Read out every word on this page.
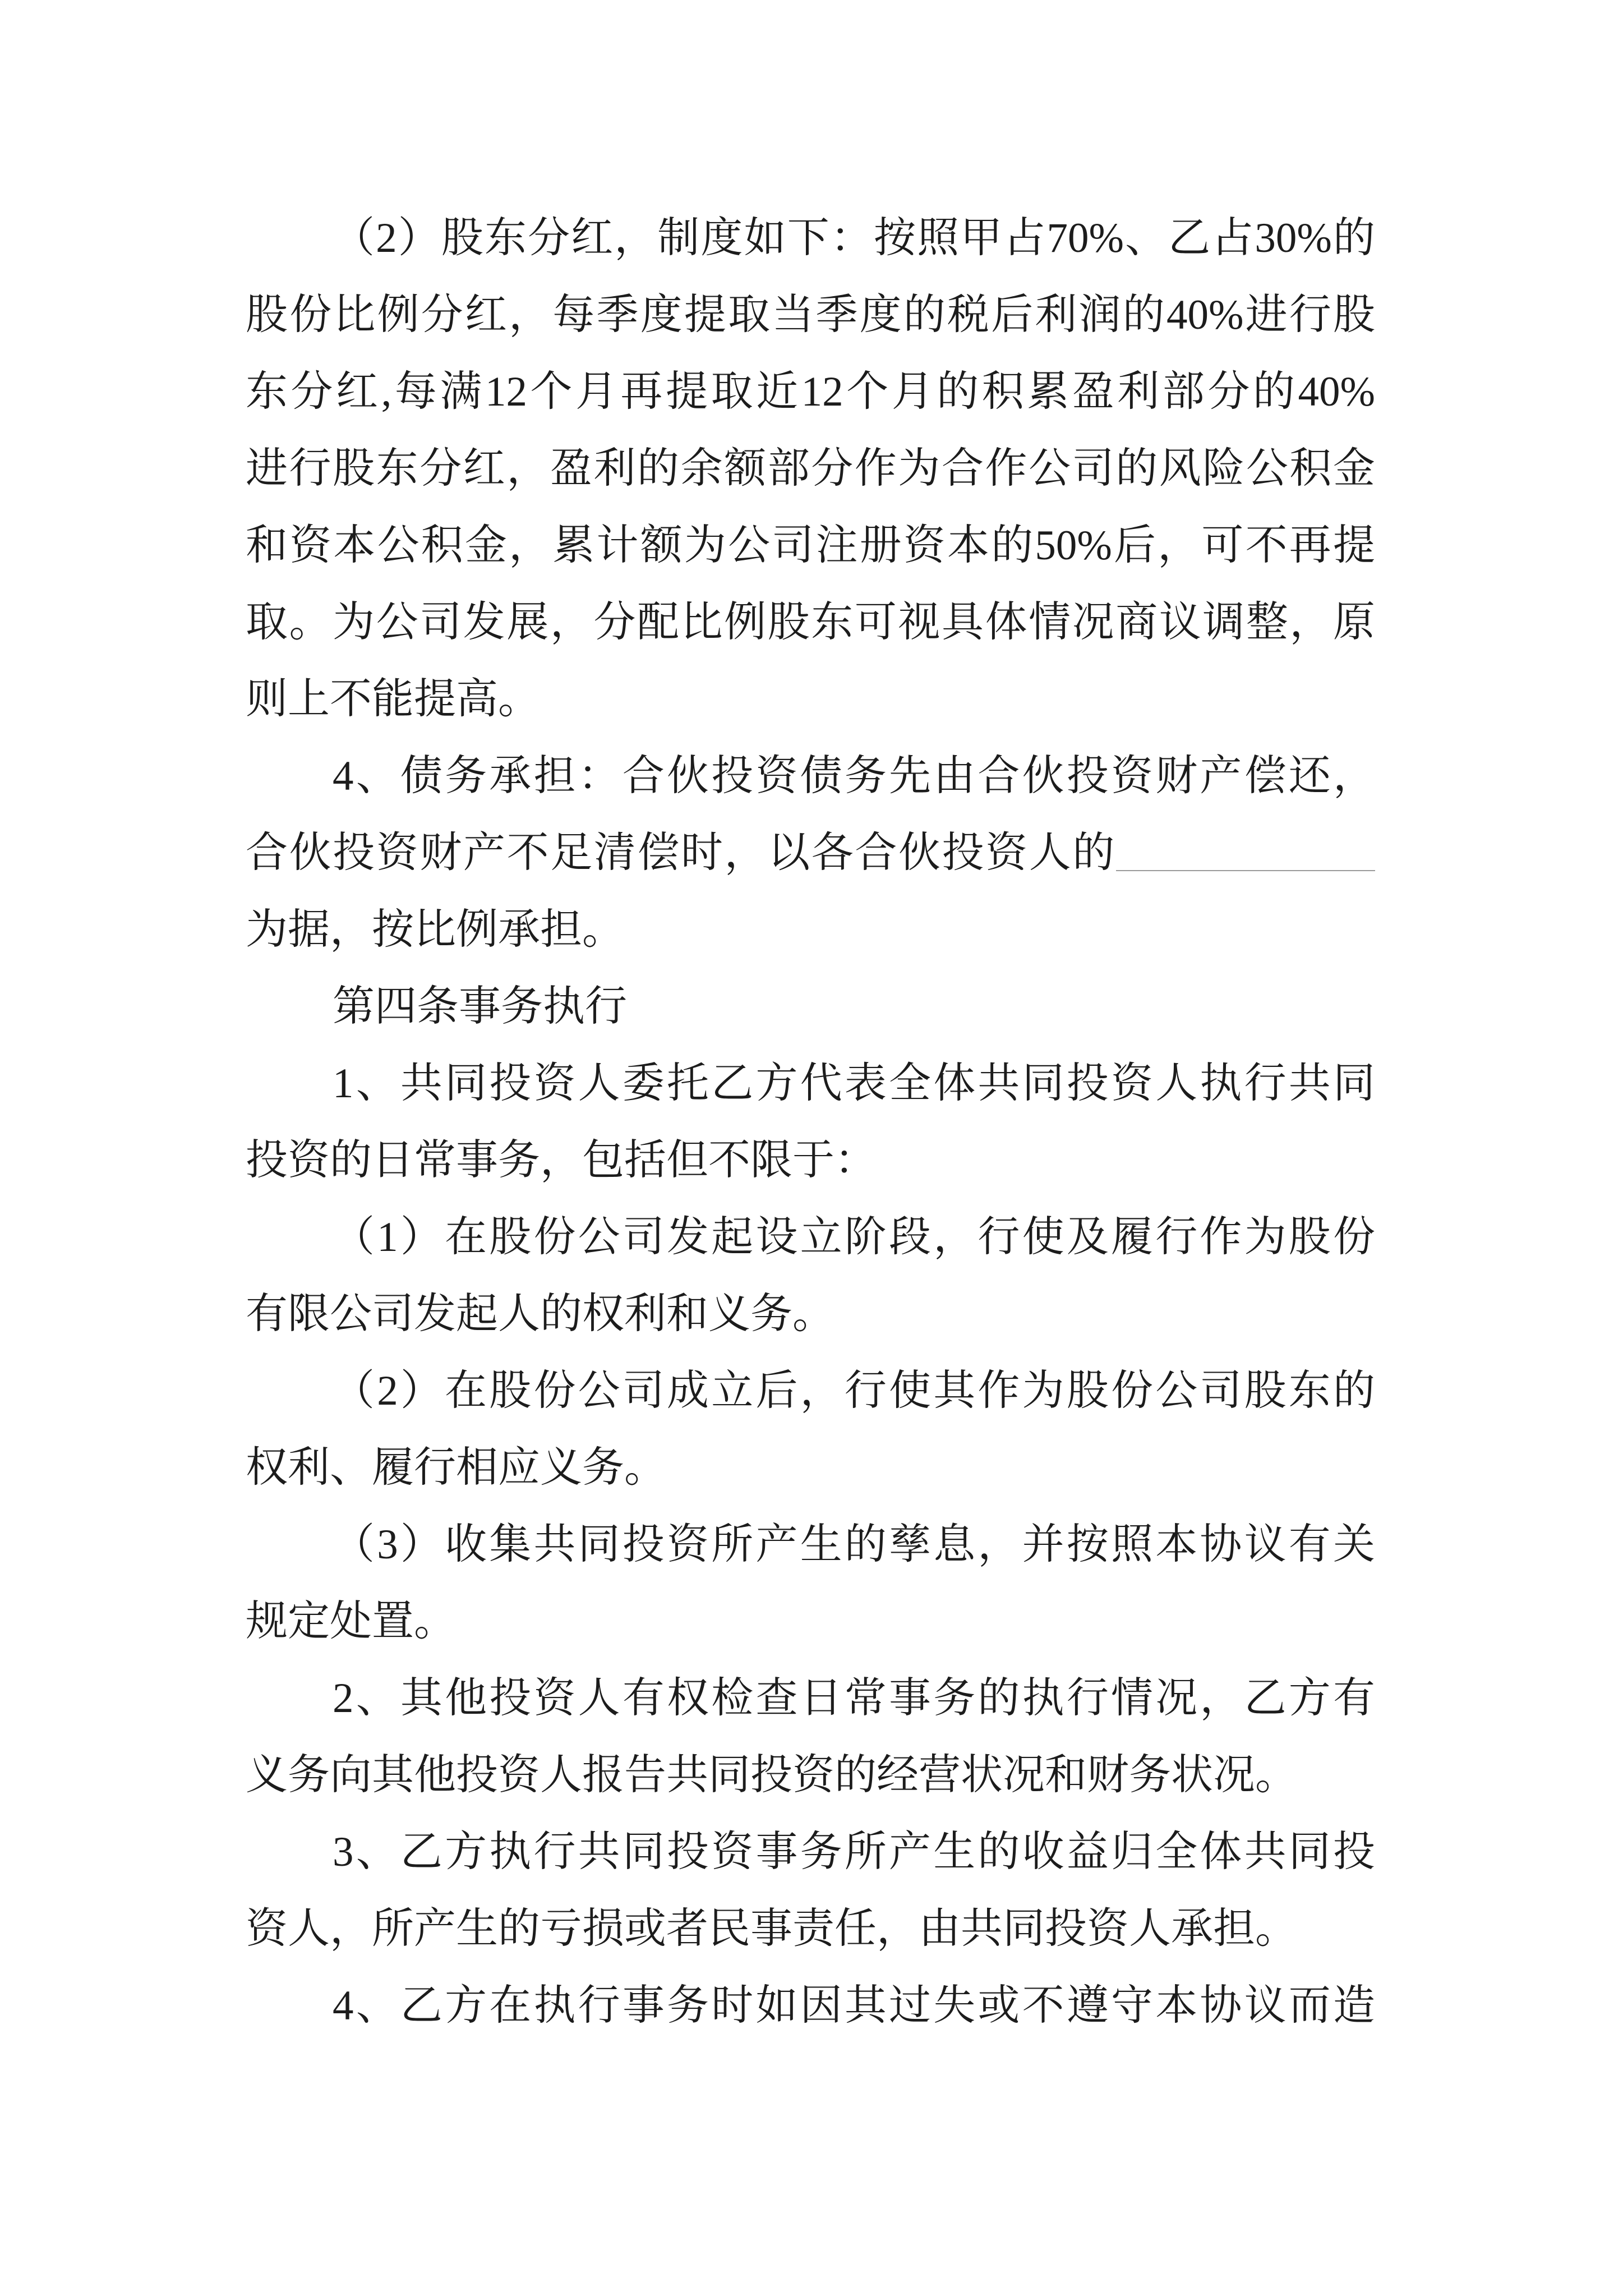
（2）股东分红，制度如下：按照甲占70%、乙占30%的
股份比例分红，每季度提取当季度的税后利润的40%进行股
东分红,每满12个月再提取近12个月的积累盈利部分的40%
进行股东分红，盈利的余额部分作为合作公司的风险公积金
和资本公积金，累计额为公司注册资本的50%后，可不再提
取。为公司发展，分配比例股东可视具体情况商议调整，原
则上不能提高。
4、债务承担：合伙投资债务先由合伙投资财产偿还，
合伙投资财产不足清偿时，以各合伙投资人的
为据，按比例承担。
第四条事务执行
1、共同投资人委托乙方代表全体共同投资人执行共同
投资的日常事务，包括但不限于：
（1）在股份公司发起设立阶段，行使及履行作为股份
有限公司发起人的权利和义务。
（2）在股份公司成立后，行使其作为股份公司股东的
权利、履行相应义务。
（3）收集共同投资所产生的孳息，并按照本协议有关
规定处置。
2、其他投资人有权检查日常事务的执行情况，乙方有
义务向其他投资人报告共同投资的经营状况和财务状况。
3、乙方执行共同投资事务所产生的收益归全体共同投
资人，所产生的亏损或者民事责任，由共同投资人承担。
4、乙方在执行事务时如因其过失或不遵守本协议而造
